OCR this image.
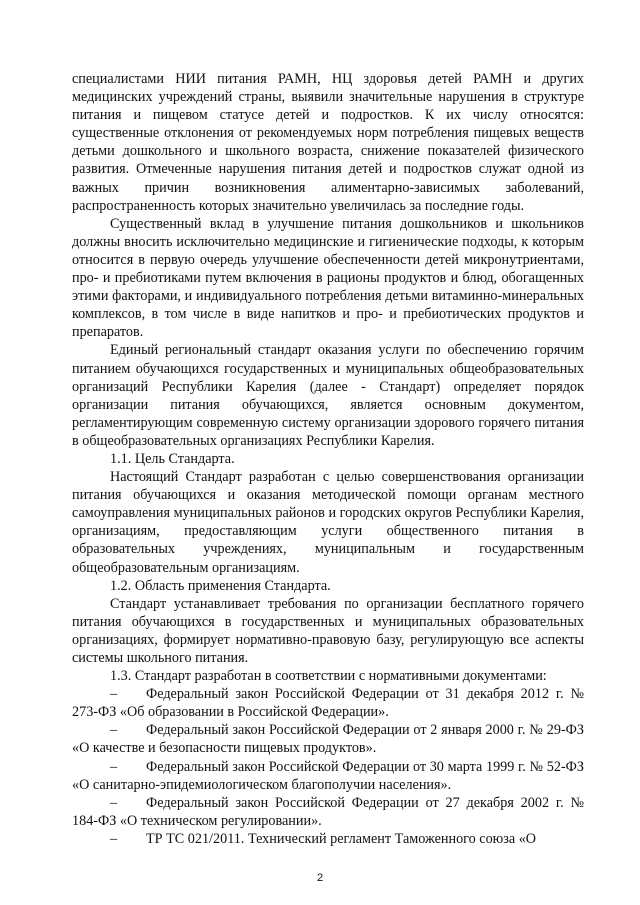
специалистами НИИ питания РАМН, НЦ здоровья детей РАМН и других медицинских учреждений страны, выявили значительные нарушения в структуре питания и пищевом статусе детей и подростков. К их числу относятся: существенные отклонения от рекомендуемых норм потребления пищевых веществ детьми дошкольного и школьного возраста, снижение показателей физического развития. Отмеченные нарушения питания детей и подростков служат одной из важных причин возникновения алиментарно-зависимых заболеваний, распространенность которых значительно увеличилась за последние годы.

Существенный вклад в улучшение питания дошкольников и школьников должны вносить исключительно медицинские и гигиенические подходы, к которым относится в первую очередь улучшение обеспеченности детей микронутриентами, про- и пребиотиками путем включения в рационы продуктов и блюд, обогащенных этими факторами, и индивидуального потребления детьми витаминно-минеральных комплексов, в том числе в виде напитков и про- и пребиотических продуктов и препаратов.

Единый региональный стандарт оказания услуги по обеспечению горячим питанием обучающихся государственных и муниципальных общеобразовательных организаций Республики Карелия (далее - Стандарт) определяет порядок организации питания обучающихся, является основным документом, регламентирующим современную систему организации здорового горячего питания в общеобразовательных организациях Республики Карелия.

1.1. Цель Стандарта.

Настоящий Стандарт разработан с целью совершенствования организации питания обучающихся и оказания методической помощи органам местного самоуправления муниципальных районов и городских округов Республики Карелия, организациям, предоставляющим услуги общественного питания в образовательных учреждениях, муниципальным и государственным общеобразовательным организациям.

1.2. Область применения Стандарта.

Стандарт устанавливает требования по организации бесплатного горячего питания обучающихся в государственных и муниципальных образовательных организациях, формирует нормативно-правовую базу, регулирующую все аспекты системы школьного питания.

1.3. Стандарт разработан в соответствии с нормативными документами:

– Федеральный закон Российской Федерации от 31 декабря 2012 г. № 273-ФЗ «Об образовании в Российской Федерации».

– Федеральный закон Российской Федерации от 2 января 2000 г. № 29-ФЗ «О качестве и безопасности пищевых продуктов».

– Федеральный закон Российской Федерации от 30 марта 1999 г. № 52-ФЗ «О санитарно-эпидемиологическом благополучии населения».

– Федеральный закон Российской Федерации от 27 декабря 2002 г. № 184-ФЗ «О техническом регулировании».

– ТР ТС 021/2011. Технический регламент Таможенного союза «О

2
